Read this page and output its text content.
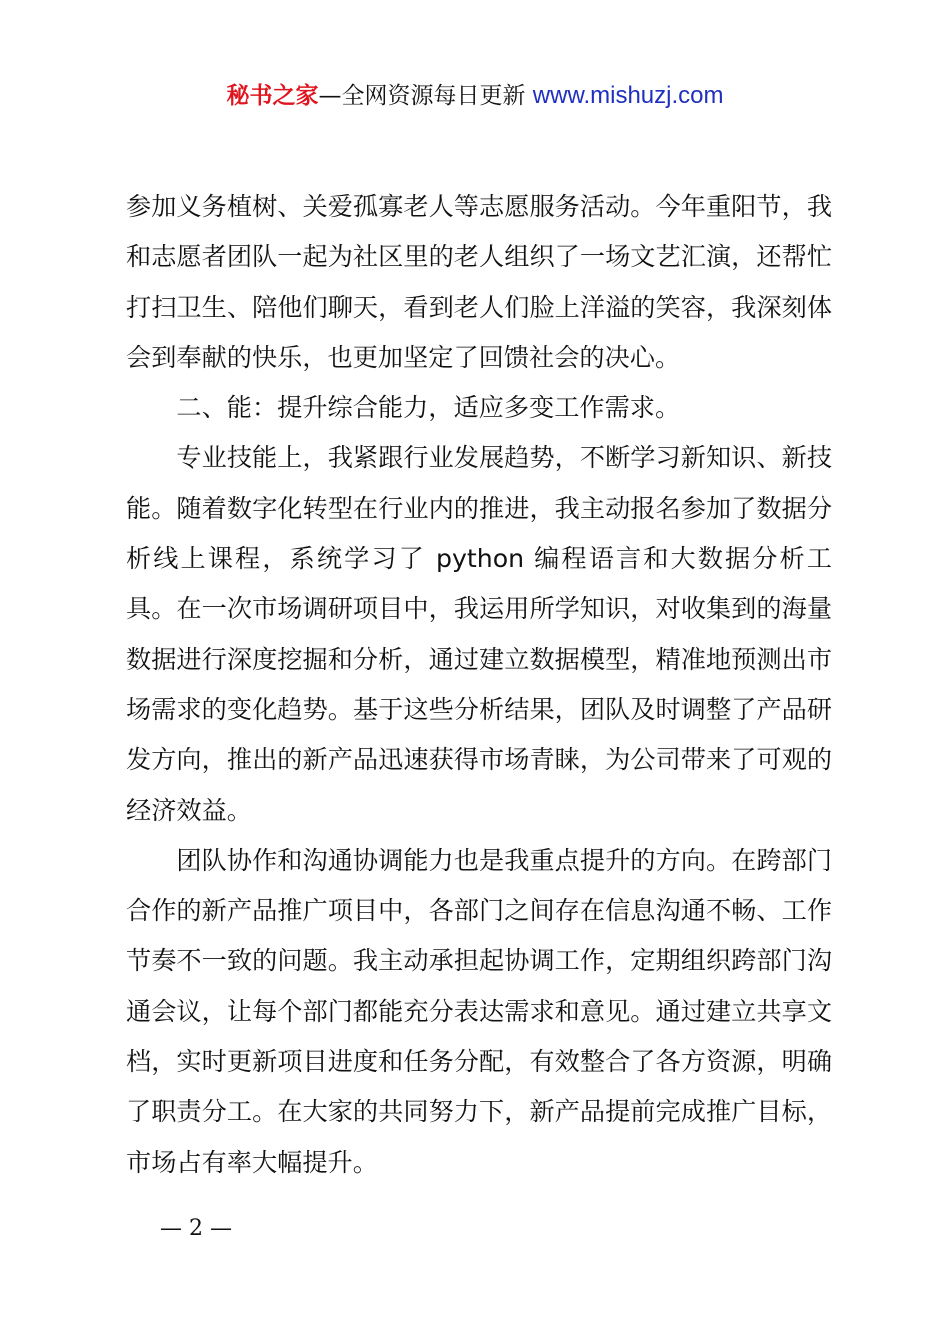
秘书之家—全网资源每日更新 www.mishuzj.com

参加义务植树、关爱孤寡老人等志愿服务活动。今年重阳节，我和志愿者团队一起为社区里的老人组织了一场文艺汇演，还帮忙打扫卫生、陪他们聊天，看到老人们脸上洋溢的笑容，我深刻体会到奉献的快乐，也更加坚定了回馈社会的决心。

二、能：提升综合能力，适应多变工作需求。

专业技能上，我紧跟行业发展趋势，不断学习新知识、新技能。随着数字化转型在行业内的推进，我主动报名参加了数据分析线上课程，系统学习了 python 编程语言和大数据分析工具。在一次市场调研项目中，我运用所学知识，对收集到的海量数据进行深度挖掘和分析，通过建立数据模型，精准地预测出市场需求的变化趋势。基于这些分析结果，团队及时调整了产品研发方向，推出的新产品迅速获得市场青睐，为公司带来了可观的经济效益。

团队协作和沟通协调能力也是我重点提升的方向。在跨部门合作的新产品推广项目中，各部门之间存在信息沟通不畅、工作节奏不一致的问题。我主动承担起协调工作，定期组织跨部门沟通会议，让每个部门都能充分表达需求和意见。通过建立共享文档，实时更新项目进度和任务分配，有效整合了各方资源，明确了职责分工。在大家的共同努力下，新产品提前完成推广目标，市场占有率大幅提升。

— 2 —
